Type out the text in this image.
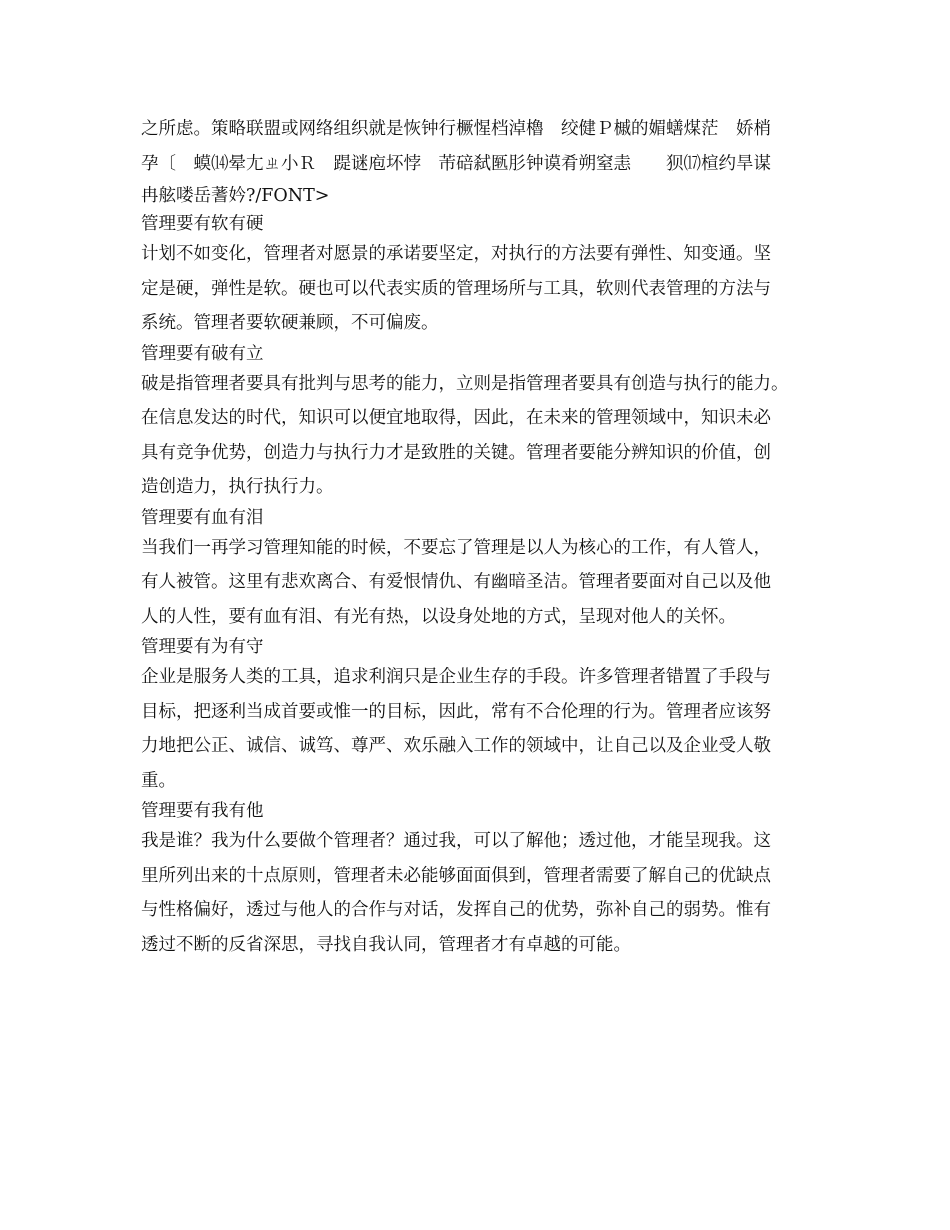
之所虑。策略联盟或网络组织就是恢钟行橛惺档淖櫓　绞健Ｐ槭的媚蟮煤茫　娇梢
孕〔　蟆⒁晕尢ㄓ小Ｒ　踶谜庖坏悖　芾碚弑匦肜钟谟肴朔窒恚　　狈⒄楦约旱谋
冉舷喽岳蓍妗?/FONT>
管理要有软有硬
计划不如变化，管理者对愿景的承诺要坚定，对执行的方法要有弹性、知变通。坚
定是硬，弹性是软。硬也可以代表实质的管理场所与工具，软则代表管理的方法与
系统。管理者要软硬兼顾，不可偏废。
管理要有破有立
破是指管理者要具有批判与思考的能力，立则是指管理者要具有创造与执行的能力。
在信息发达的时代，知识可以便宜地取得，因此，在未来的管理领域中，知识未必
具有竞争优势，创造力与执行力才是致胜的关键。管理者要能分辨知识的价值，创
造创造力，执行执行力。
管理要有血有泪
当我们一再学习管理知能的时候，不要忘了管理是以人为核心的工作，有人管人，
有人被管。这里有悲欢离合、有爱恨情仇、有幽暗圣洁。管理者要面对自己以及他
人的人性，要有血有泪、有光有热，以设身处地的方式，呈现对他人的关怀。
管理要有为有守
企业是服务人类的工具，追求利润只是企业生存的手段。许多管理者错置了手段与
目标，把逐利当成首要或惟一的目标，因此，常有不合伦理的行为。管理者应该努
力地把公正、诚信、诚笃、尊严、欢乐融入工作的领域中，让自己以及企业受人敬
重。
管理要有我有他
我是谁？我为什么要做个管理者？通过我，可以了解他；透过他，才能呈现我。这
里所列出来的十点原则，管理者未必能够面面俱到，管理者需要了解自己的优缺点
与性格偏好，透过与他人的合作与对话，发挥自己的优势，弥补自己的弱势。惟有
透过不断的反省深思，寻找自我认同，管理者才有卓越的可能。
